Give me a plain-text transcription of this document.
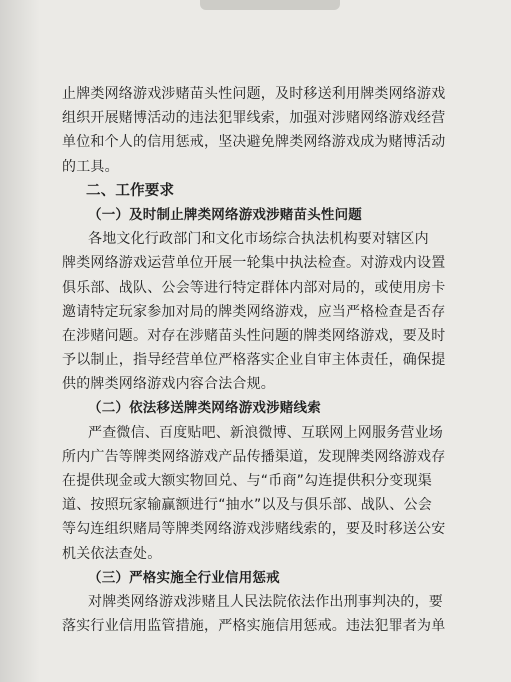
止牌类网络游戏涉赌苗头性问题，及时移送利用牌类网络游戏
组织开展赌博活动的违法犯罪线索，加强对涉赌网络游戏经营
单位和个人的信用惩戒，坚决避免牌类网络游戏成为赌博活动
的工具。
二、工作要求
（一）及时制止牌类网络游戏涉赌苗头性问题
各地文化行政部门和文化市场综合执法机构要对辖区内
牌类网络游戏运营单位开展一轮集中执法检查。对游戏内设置
俱乐部、战队、公会等进行特定群体内部对局的，或使用房卡
邀请特定玩家参加对局的牌类网络游戏，应当严格检查是否存
在涉赌问题。对存在涉赌苗头性问题的牌类网络游戏，要及时
予以制止，指导经营单位严格落实企业自审主体责任，确保提
供的牌类网络游戏内容合法合规。
（二）依法移送牌类网络游戏涉赌线索
严查微信、百度贴吧、新浪微博、互联网上网服务营业场
所内广告等牌类网络游戏产品传播渠道，发现牌类网络游戏存
在提供现金或大额实物回兑、与“币商”勾连提供积分变现渠
道、按照玩家输赢额进行“抽水”以及与俱乐部、战队、公会
等勾连组织赌局等牌类网络游戏涉赌线索的，要及时移送公安
机关依法查处。
（三）严格实施全行业信用惩戒
对牌类网络游戏涉赌且人民法院依法作出刑事判决的，要
落实行业信用监管措施，严格实施信用惩戒。违法犯罪者为单
